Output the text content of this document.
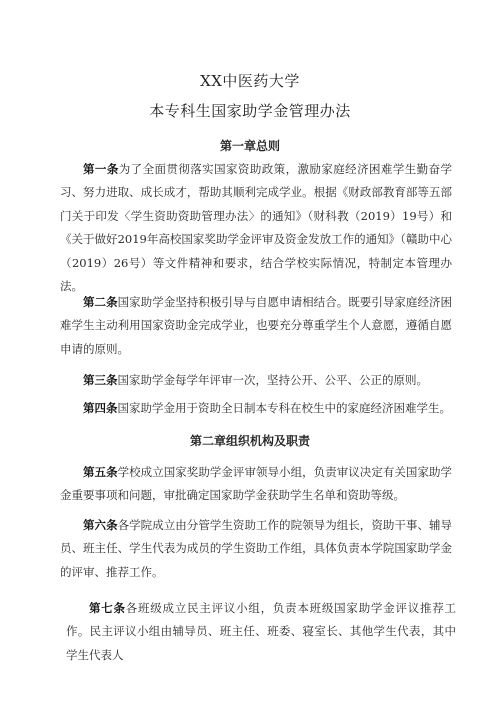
XX中医药大学
本专科生国家助学金管理办法
第一章总则
第一条为了全面贯彻落实国家资助政策，激励家庭经济困难学生勤奋学习、努力进取、成长成才，帮助其顺利完成学业。根据《财政部教育部等五部门关于印发〈学生资助资助管理办法〉的通知》（财科教（2019）19号）和《关于做好2019年高校国家奖助学金评审及资金发放工作的通知》（赣助中心（2019）26号）等文件精神和要求，结合学校实际情况，特制定本管理办法。
第二条国家助学金坚持积极引导与自愿申请相结合。既要引导家庭经济困难学生主动利用国家资助金完成学业，也要充分尊重学生个人意愿，遵循自愿申请的原则。
第三条国家助学金每学年评审一次，坚持公开、公平、公正的原则。
第四条国家助学金用于资助全日制本专科在校生中的家庭经济困难学生。
第二章组织机构及职责
第五条学校成立国家奖助学金评审领导小组，负责审议决定有关国家助学金重要事项和问题，审批确定国家助学金获助学生名单和资助等级。
第六条各学院成立由分管学生资助工作的院领导为组长，资助干事、辅导员、班主任、学生代表为成员的学生资助工作组，具体负责本学院国家助学金的评审、推荐工作。
第七条各班级成立民主评议小组，负责本班级国家助学金评议推荐工作。民主评议小组由辅导员、班主任、班委、寝室长、其他学生代表，其中学生代表人
